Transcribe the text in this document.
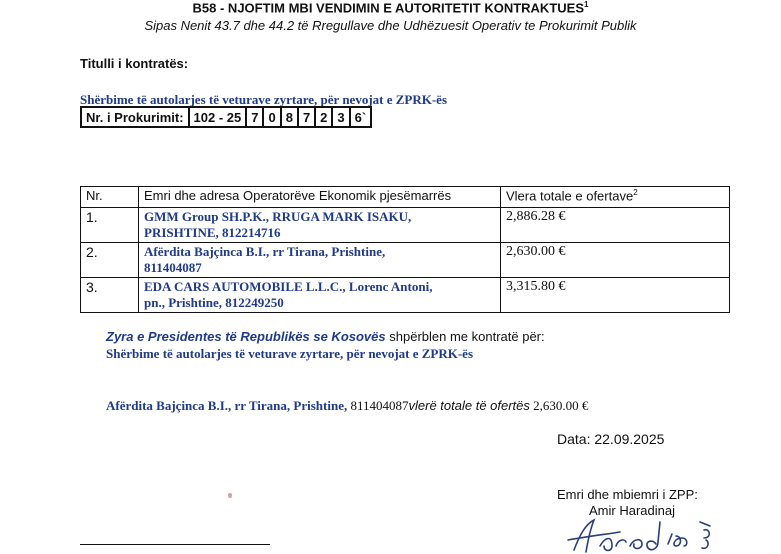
B58 - NJOFTIM MBI VENDIMIN E AUTORITETIT KONTRAKTUES$^1$
Sipas Nenit 43.7 dhe 44.2 të Rregullave dhe Udhëzuesit Operativ te Prokurimit Publik
Titulli i kontratës:
Shërbime të autolarjes të veturave zyrtare, për nevojat e ZPRK-ës
Nr. i Prokurimit:	102 - 25	7	0	8	7	2	3	6`
Nr.	Emri dhe adresa Operatorëve Ekonomik pjesëmarrës	Vlera totale e ofertave$^2$
1.	GMM Group SH.P.K., RRUGA MARK ISAKU,
PRISHTINE, 812214716	2,886.28 €
2.	Afërdita Bajçinca B.I., rr Tirana, Prishtine,
811404087	2,630.00 €
3.	EDA CARS AUTOMOBILE L.L.C., Lorenc Antoni,
pn., Prishtine, 812249250	3,315.80 €
Zyra e Presidentes të Republikës se Kosovës shpërblen me kontratë për:
Shërbime të autolarjes të veturave zyrtare, për nevojat e ZPRK-ës
Afërdita Bajçinca B.I., rr Tirana, Prishtine, 811404087vlerë totale të ofertës 2,630.00 €
Data: 22.09.2025
Emri dhe mbiemri i ZPP:
Amir Haradinaj
